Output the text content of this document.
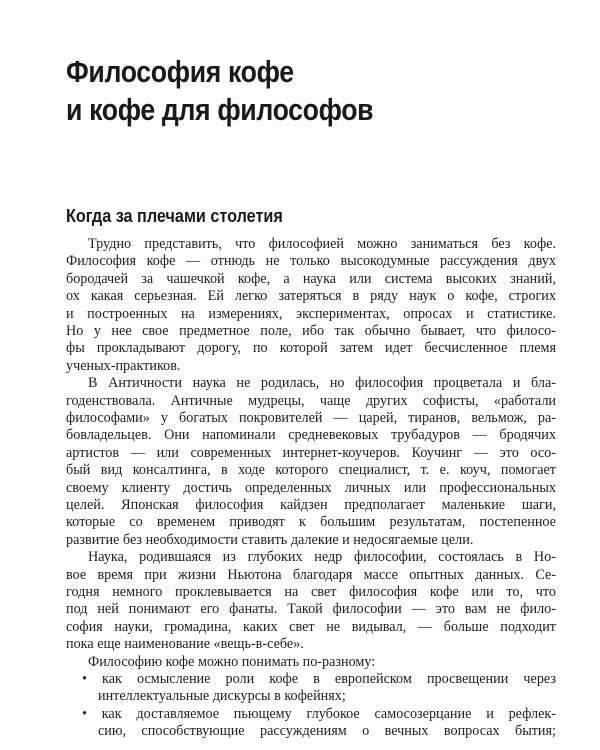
Философия кофе
и кофе для философов
Когда за плечами столетия
Трудно представить, что философией можно заниматься без кофе.
Философия кофе — отнюдь не только высокодумные рассуждения двух
бородачей за чашечкой кофе, а наука или система высоких знаний,
ох какая серьезная. Ей легко затеряться в ряду наук о кофе, строгих
и построенных на измерениях, экспериментах, опросах и статистике.
Но у нее свое предметное поле, ибо так обычно бывает, что филосо-
фы прокладывают дорогу, по которой затем идет бесчисленное племя
ученых-практиков.
В Античности наука не родилась, но философия процветала и бла-
годенствовала. Античные мудрецы, чаще других софисты, «работали
философами» у богатых покровителей — царей, тиранов, вельмож, ра-
бовладельцев. Они напоминали средневековых трубадуров — бродячих
артистов — или современных интернет-коучеров. Коучинг — это осо-
бый вид консалтинга, в ходе которого специалист, т. е. коуч, помогает
своему клиенту достичь определенных личных или профессиональных
целей. Японская философия кайдзен предполагает маленькие шаги,
которые со временем приводят к большим результатам, постепенное
развитие без необходимости ставить далекие и недосягаемые цели.
Наука, родившаяся из глубоких недр философии, состоялась в Но-
вое время при жизни Ньютона благодаря массе опытных данных. Се-
годня немного проклевывается на свет философия кофе или то, что
под ней понимают его фанаты. Такой философии — это вам не фило-
софия науки, громадина, каких свет не видывал, — больше подходит
пока еще наименование «вещь-в-себе».
Философию кофе можно понимать по-разному:
• как осмысление роли кофе в европейском просвещении через
интеллектуальные дискурсы в кофейнях;
• как доставляемое пьющему глубокое самосозерцание и рефлек-
сию, способствующие рассуждениям о вечных вопросах бытия;
